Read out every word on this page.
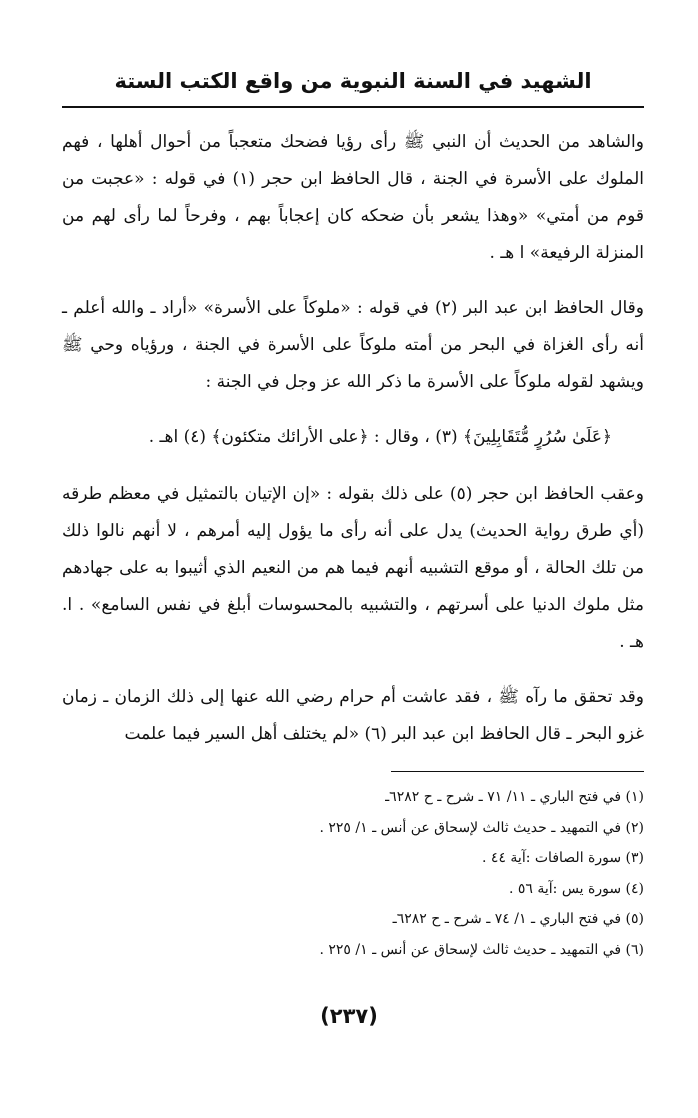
الشهيد في السنة النبوية من واقع الكتب الستة

والشاهد من الحديث أن النبي ﷺ رأى رؤيا فضحك متعجباً من أحوال أهلها ، فهم الملوك على الأسرة في الجنة ، قال الحافظ ابن حجر (١) في قوله : «عجبت من قوم من أمتي» «وهذا يشعر بأن ضحكه كان إعجاباً بهم ، وفرحاً لما رأى لهم من المنزلة الرفيعة» ا هـ .

وقال الحافظ ابن عبد البر (٢) في قوله : «ملوكاً على الأسرة» «أراد ـ والله أعلم ـ أنه رأى الغزاة في البحر من أمته ملوكاً على الأسرة في الجنة ، ورؤياه وحي ﷺ ويشهد لقوله ملوكاً على الأسرة ما ذكر الله عز وجل في الجنة :

﴿عَلَىٰ سُرُرٍ مُّتَقَابِلِينَ﴾ (٣) ، وقال : ﴿على الأرائك متكئون﴾ (٤) اهـ .

وعقب الحافظ ابن حجر (٥) على ذلك بقوله : «إن الإتيان بالتمثيل في معظم طرقه (أي طرق رواية الحديث) يدل على أنه رأى ما يؤول إليه أمرهم ، لا أنهم نالوا ذلك من تلك الحالة ، أو موقع التشبيه أنهم فيما هم من النعيم الذي أثيبوا به على جهادهم مثل ملوك الدنيا على أسرتهم ، والتشبيه بالمحسوسات أبلغ في نفس السامع» . ا. هـ .

وقد تحقق ما رآه ﷺ ، فقد عاشت أم حرام رضي الله عنها إلى ذلك الزمان ـ زمان غزو البحر ـ قال الحافظ ابن عبد البر (٦) «لم يختلف أهل السير فيما علمت

(١) في فتح الباري ـ ١١/ ٧١ ـ شرح ـ ح ٦٢٨٢ـ
(٢) في التمهيد ـ حديث ثالث لإسحاق عن أنس ـ ١/ ٢٢٥ .
(٣) سورة الصافات :آية ٤٤ .
(٤) سورة يس :آية ٥٦ .
(٥) في فتح الباري ـ ١/ ٧٤ ـ شرح ـ ح ٦٢٨٢ـ
(٦) في التمهيد ـ حديث ثالث لإسحاق عن أنس ـ ١/ ٢٢٥ .
(٢٣٧)
